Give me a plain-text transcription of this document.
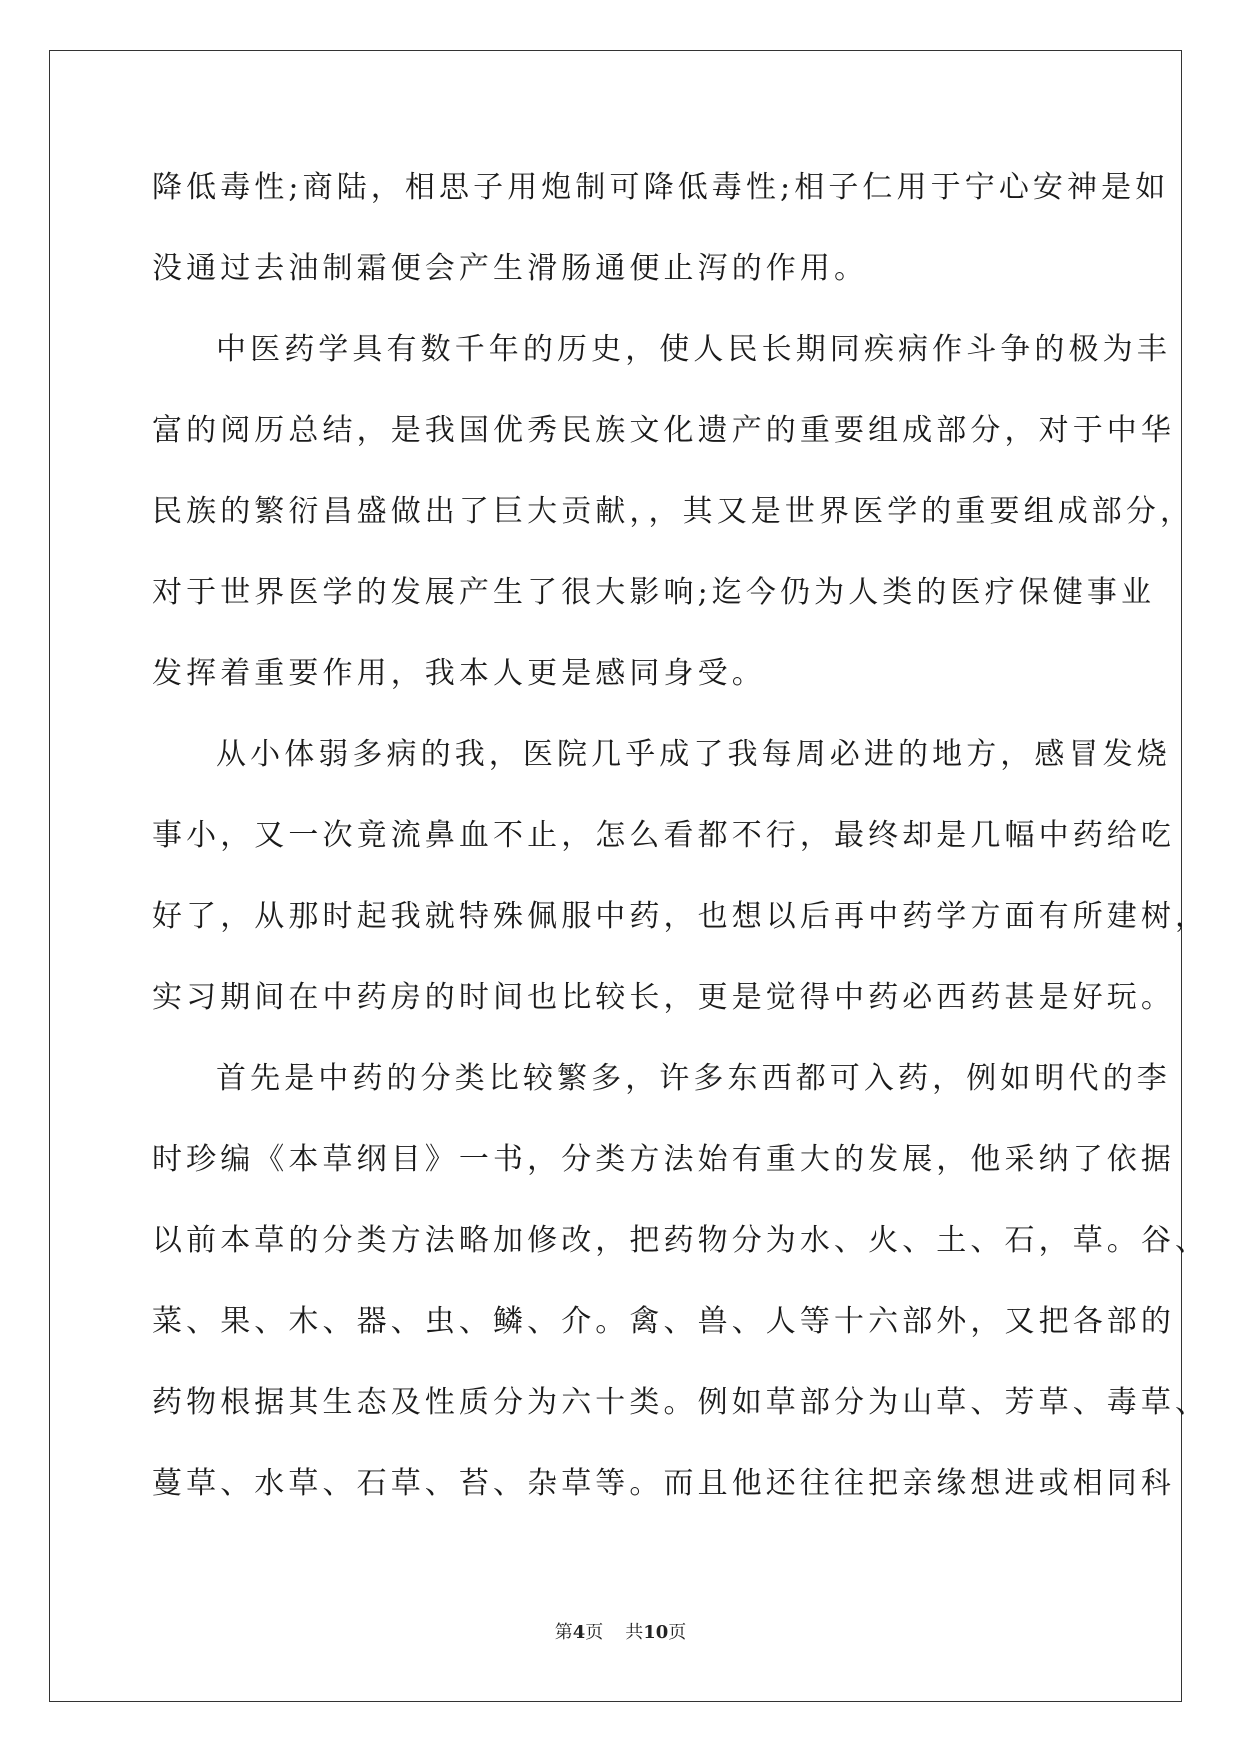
降低毒性;商陆，相思子用炮制可降低毒性;相子仁用于宁心安神是如
没通过去油制霜便会产生滑肠通便止泻的作用。
中医药学具有数千年的历史，使人民长期同疾病作斗争的极为丰
富的阅历总结，是我国优秀民族文化遗产的重要组成部分，对于中华
民族的繁衍昌盛做出了巨大贡献，，其又是世界医学的重要组成部分，
对于世界医学的发展产生了很大影响;迄今仍为人类的医疗保健事业
发挥着重要作用，我本人更是感同身受。
从小体弱多病的我，医院几乎成了我每周必进的地方，感冒发烧
事小，又一次竟流鼻血不止，怎么看都不行，最终却是几幅中药给吃
好了，从那时起我就特殊佩服中药，也想以后再中药学方面有所建树，
实习期间在中药房的时间也比较长，更是觉得中药必西药甚是好玩。
首先是中药的分类比较繁多，许多东西都可入药，例如明代的李
时珍编《本草纲目》一书，分类方法始有重大的发展，他采纳了依据
以前本草的分类方法略加修改，把药物分为水、火、土、石，草。谷、
菜、果、木、器、虫、鳞、介。禽、兽、人等十六部外，又把各部的
药物根据其生态及性质分为六十类。例如草部分为山草、芳草、毒草、
蔓草、水草、石草、苔、杂草等。而且他还往往把亲缘想进或相同科
第4页 共10页
